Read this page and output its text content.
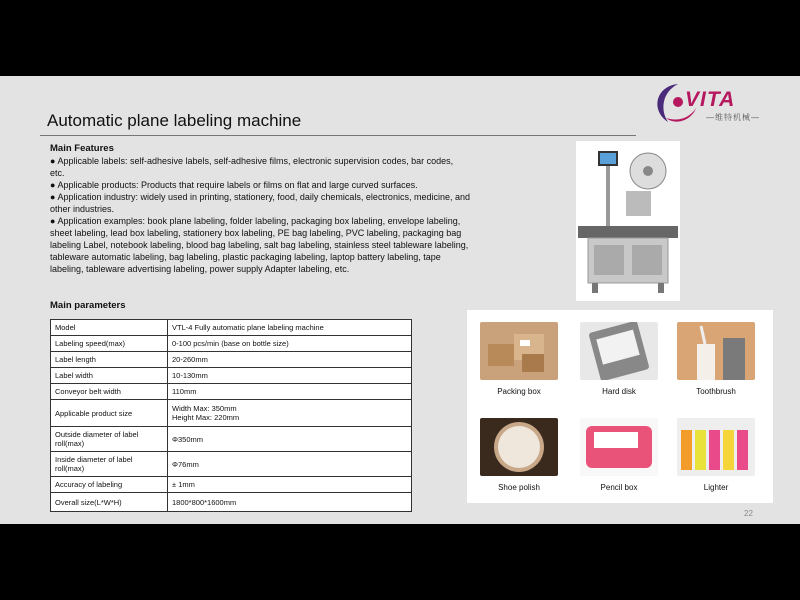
Automatic plane labeling machine
VITA
—维特机械—
Main Features
● Applicable labels: self-adhesive labels, self-adhesive films, electronic supervision codes, bar codes, etc.
● Applicable products: Products that require labels or films on flat and large curved surfaces.
● Application industry: widely used in printing, stationery, food, daily chemicals, electronics, medicine, and other industries.
● Application examples: book plane labeling, folder labeling, packaging box labeling, envelope labeling, sheet labeling, lead box labeling, stationery box labeling, PE bag labeling, PVC labeling, packaging bag labeling Label, notebook labeling, blood bag labeling, salt bag labeling, stainless steel tableware labeling, tableware automatic labeling, bag labeling, plastic packaging labeling, laptop battery labeling, tape labeling, tableware advertising labeling, power supply Adapter labeling, etc.
Main parameters
Model	VTL-4 Fully automatic plane labeling machine
Labeling speed(max)	0-100 pcs/min (base on bottle size)
Label length	20-260mm
Label width	10-130mm
Conveyor belt width	110mm
Applicable product size	Width Max: 350mm
Height Max: 220mm

Outside diameter of label roll(max)	Φ350mm
Inside diameter of label roll(max)	Φ76mm
Accuracy of labeling	± 1mm
Overall size(L*W*H)	1800*800*1600mm
Packing box	Hard disk	Toothbrush
Shoe polish	Pencil box	Lighter
22
